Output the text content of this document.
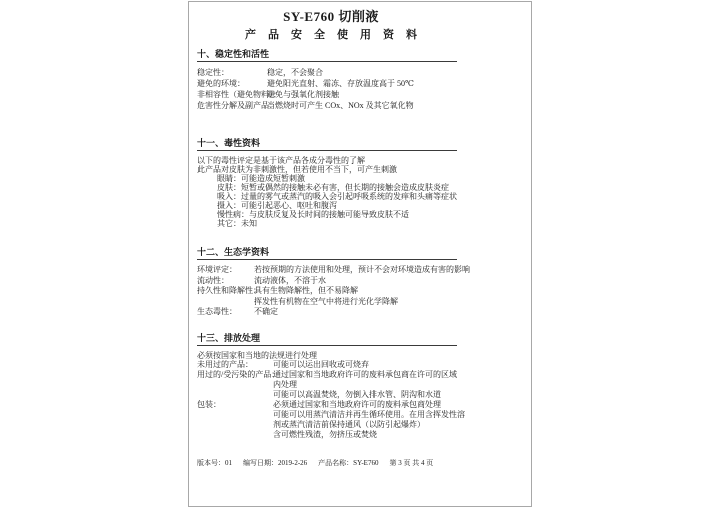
SY-E760 切削液
产品安全使用资料
十、稳定性和活性
稳定性：	稳定，不会聚合
避免的环境：	避免阳光直射、霜冻、存放温度高于 50℃
非相容性（避免物料）：
避免与强氧化剂接触
危害性分解及副产品：
当燃烧时可产生 COx、NOx 及其它氧化物
十一、毒性资料
以下的毒性评定是基于该产品各成分毒性的了解
此产品对皮肤为非刺激性，但若使用不当下，可产生刺激
眼睛：可能造成短暂刺激
皮肤：短暂或偶然的接触未必有害，但长期的接触会造成皮肤炎症
吸入：过量的雾气或蒸汽的吸入会引起呼吸系统的发痒和头痛等症状
摄入：可能引起恶心、呕吐和腹泻
慢性病：与皮肤反复及长时间的接触可能导致皮肤不适
其它：未知
十二、生态学资料
环境评定：	若按预期的方法使用和处理，预计不会对环境造成有害的影响
流动性：	流动液体，不溶于水
持久性和降解性：
具有生物降解性，但不易降解
挥发性有机物在空气中将进行光化学降解
生态毒性：	不确定
十三、排放处理
必须按国家和当地的法规进行处理
未用过的产品：	可能可以运出回收或可烧弃
用过的/受污染的产品：
通过国家和当地政府许可的废料承包商在许可的区域
内处理
可能可以高温焚烧，勿倒入排水管、阴沟和水道
包装：	必须通过国家和当地政府许可的废料承包商处理
可能可以用蒸汽清洁并再生循环使用。在用含挥发性溶
剂或蒸汽清洁前保持通风（以防引起爆炸）
含可燃性残渣，勿挤压或焚烧
版本号：01 编写日期：2019-2-26 产品名称：SY-E760 第 3 页 共 4 页
